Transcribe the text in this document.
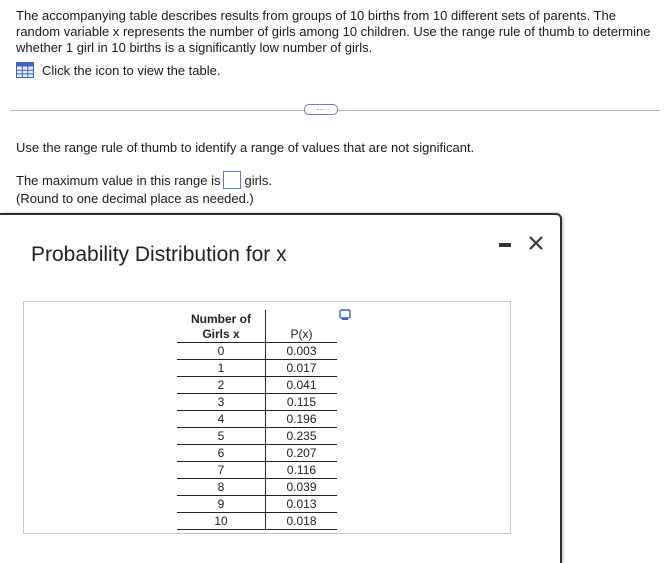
The accompanying table describes results from groups of 10 births from 10 different sets of parents. The random variable x represents the number of girls among 10 children. Use the range rule of thumb to determine whether 1 girl in 10 births is a significantly low number of girls.
Click the icon to view the table.
···
Use the range rule of thumb to identify a range of values that are not significant.
The maximum value in this range is girls.
(Round to one decimal place as needed.)
Probability Distribution for x
Number of Girls x	P(x)
0	0.003
1	0.017
2	0.041
3	0.115
4	0.196
5	0.235
6	0.207
7	0.116
8	0.039
9	0.013
10	0.018
